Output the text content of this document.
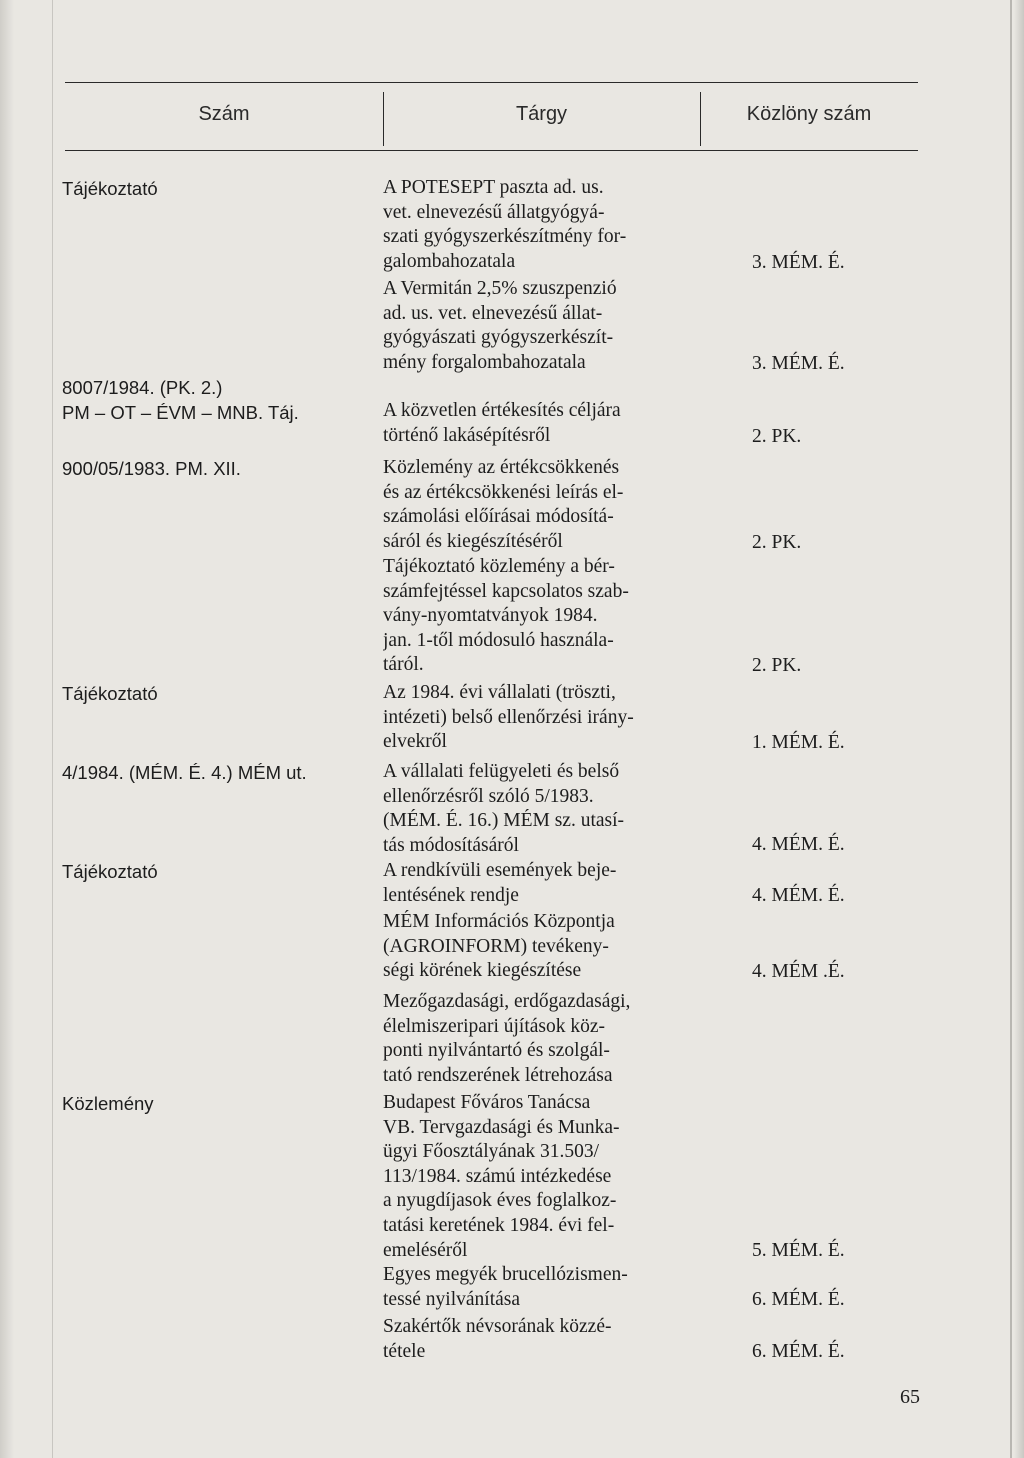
Szám	Tárgy	Közlöny szám
Tájékoztató	A POTESEPT paszta ad. us.
vet. elnevezésű állatgyógyá-
szati gyógyszerkészítmény for-
galombahozatala	3. MÉM. É.
A Vermitán 2,5% szuszpenzió
ad. us. vet. elnevezésű állat-
gyógyászati gyógyszerkészít-
mény forgalombahozatala	3. MÉM. É.
8007/1984. (PK. 2.)
PM – OT – ÉVM – MNB. Táj.	A közvetlen értékesítés céljára
történő lakásépítésről	2. PK.
900/05/1983. PM. XII.	Közlemény az értékcsökkenés
és az értékcsökkenési leírás el-
számolási előírásai módosítá-
sáról és kiegészítéséről	2. PK.
Tájékoztató közlemény a bér-
számfejtéssel kapcsolatos szab-
vány-nyomtatványok 1984.
jan. 1-től módosuló használa-
táról.	2. PK.
Tájékoztató	Az 1984. évi vállalati (trösztі,
intézeti) belső ellenőrzési irány-
elvekről	1. MÉM. É.
4/1984. (MÉM. É. 4.) MÉM ut.	A vállalati felügyeleti és belső
ellenőrzésről szóló 5/1983.
(MÉM. É. 16.) MÉM sz. utasí-
tás módosításáról	4. MÉM. É.
Tájékoztató	A rendkívüli események beje-
lentésének rendje	4. MÉM. É.
MÉM Információs Központja
(AGROINFORM) tevékeny-
ségi körének kiegészítése	4. MÉM .É.
Mezőgazdasági, erdőgazdasági,
élelmiszeripari újítások köz-
ponti nyilvántartó és szolgál-
tató rendszerének létrehozása
Közlemény	Budapest Főváros Tanácsa
VB. Tervgazdasági és Munka-
ügyi Főosztályának 31.503/
113/1984. számú intézkedése
a nyugdíjasok éves foglalkoz-
tatási keretének 1984. évi fel-
emeléséről	5. MÉM. É.
Egyes megyék brucellózismen-
tessé nyilvánítása	6. MÉM. É.
Szakértők névsorának közzé-
tétele	6. MÉM. É.
65
